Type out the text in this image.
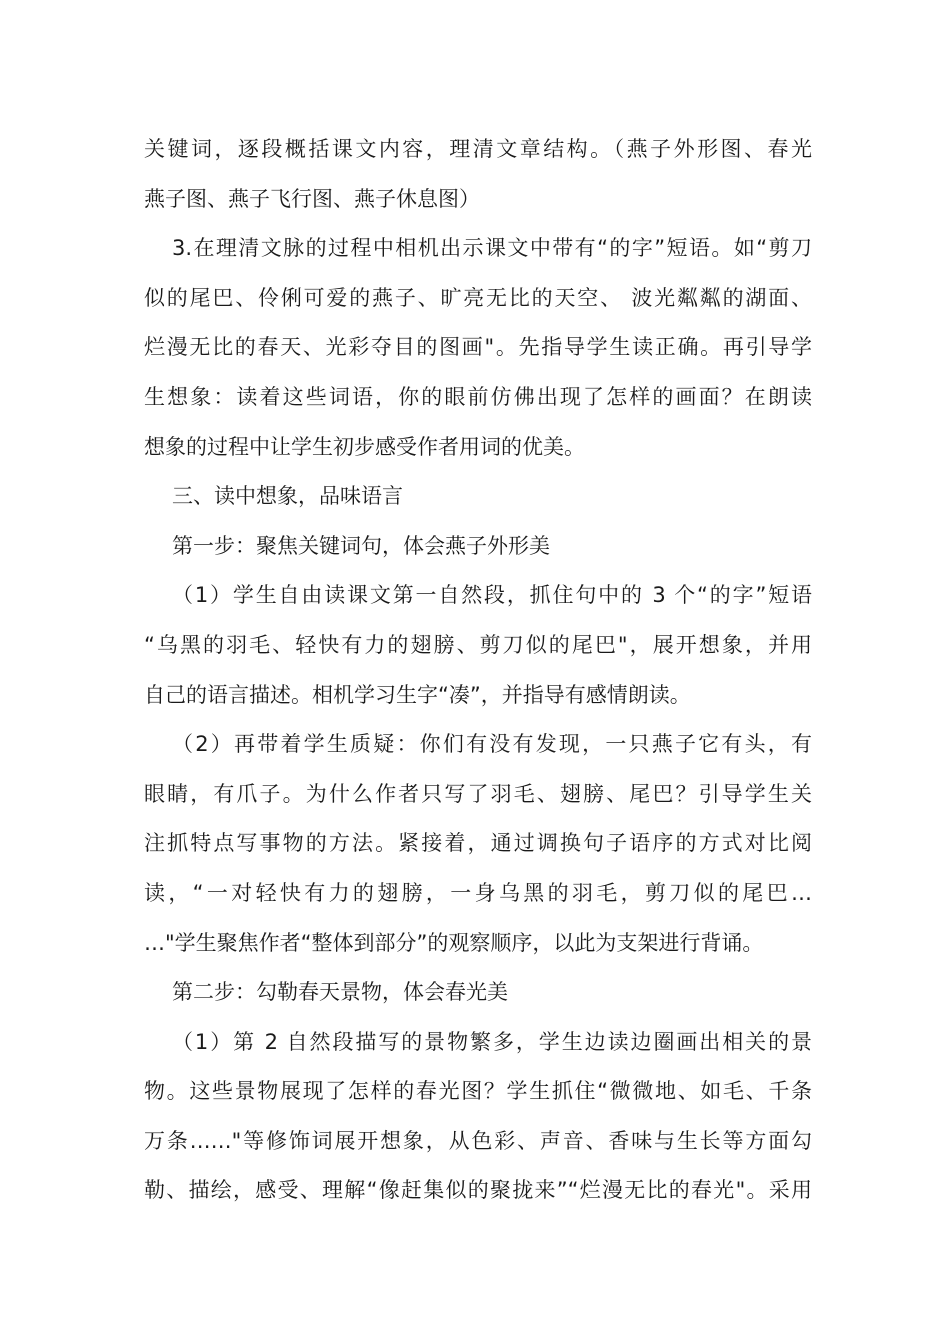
关键词，逐段概括课文内容，理清文章结构。（燕子外形图、春光
燕子图、燕子飞行图、燕子休息图）
3.在理清文脉的过程中相机出示课文中带有“的字”短语。如“剪刀
似的尾巴、伶俐可爱的燕子、旷亮无比的天空、 波光粼粼的湖面、
烂漫无比的春天、光彩夺目的图画"。先指导学生读正确。再引导学
生想象：读着这些词语，你的眼前仿佛出现了怎样的画面？在朗读
想象的过程中让学生初步感受作者用词的优美。
三、读中想象，品味语言
第一步：聚焦关键词句，体会燕子外形美
（1）学生自由读课文第一自然段，抓住句中的 3 个“的字”短语
“乌黑的羽毛、轻快有力的翅膀、剪刀似的尾巴"，展开想象，并用
自己的语言描述。相机学习生字“凑”，并指导有感情朗读。
（2）再带着学生质疑：你们有没有发现，一只燕子它有头，有
眼睛，有爪子。为什么作者只写了羽毛、翅膀、尾巴？引导学生关
注抓特点写事物的方法。紧接着，通过调换句子语序的方式对比阅
读，“一对轻快有力的翅膀，一身乌黑的羽毛，剪刀似的尾巴…
…"学生聚焦作者“整体到部分”的观察顺序，以此为支架进行背诵。
第二步：勾勒春天景物，体会春光美
（1）第 2 自然段描写的景物繁多，学生边读边圈画出相关的景
物。这些景物展现了怎样的春光图？学生抓住“微微地、如毛、千条
万条……"等修饰词展开想象，从色彩、声音、香味与生长等方面勾
勒、描绘，感受、理解“像赶集似的聚拢来”“烂漫无比的春光"。采用
